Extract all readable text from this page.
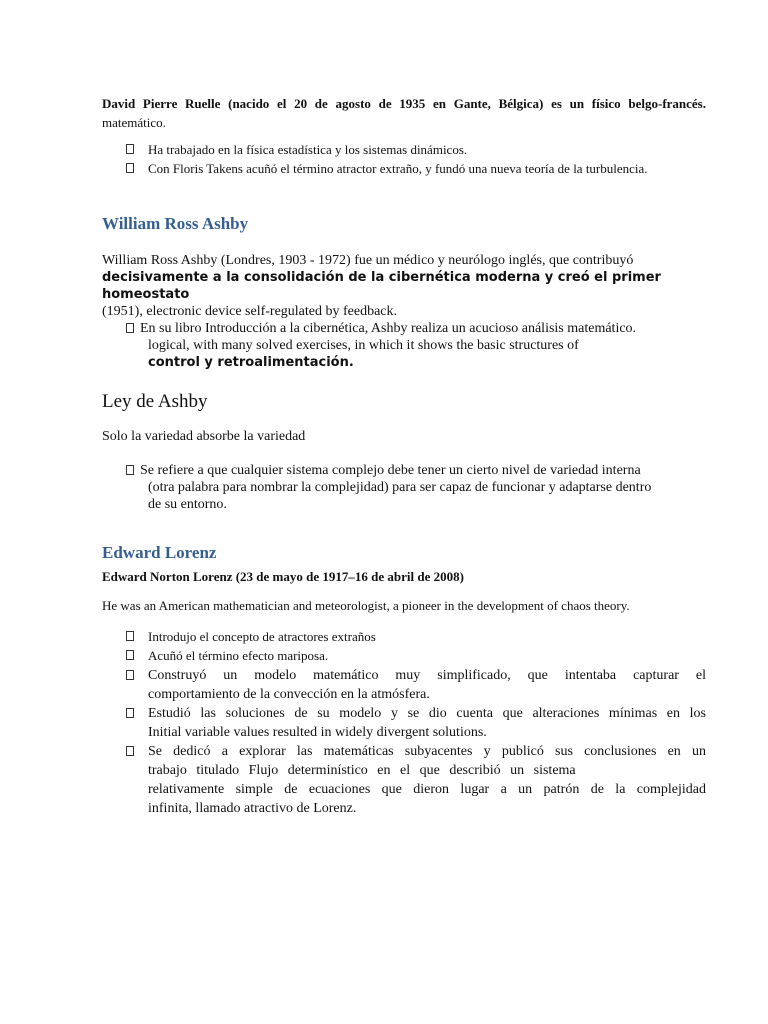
David Pierre Ruelle (nacido el 20 de agosto de 1935 en Gante, Bélgica) es un físico belgo-francés.

matemático.

Ha trabajado en la física estadística y los sistemas dinámicos.
Con Floris Takens acuñó el término atractor extraño, y fundó una nueva teoría de la turbulencia.

William Ross Ashby

William Ross Ashby (Londres, 1903 - 1972) fue un médico y neurólogo inglés, que contribuyó

decisivamente a la consolidación de la cibernética moderna y creó el primer homeostato

(1951), electronic device self-regulated by feedback.

En su libro Introducción a la cibernética, Ashby realiza un acucioso análisis matemático.

logical, with many solved exercises, in which it shows the basic structures of

control y retroalimentación.

Ley de Ashby

Solo la variedad absorbe la variedad

Se refiere a que cualquier sistema complejo debe tener un cierto nivel de variedad interna

(otra palabra para nombrar la complejidad) para ser capaz de funcionar y adaptarse dentro

de su entorno.

Edward Lorenz

Edward Norton Lorenz (23 de mayo de 1917–16 de abril de 2008)

He was an American mathematician and meteorologist, a pioneer in the development of chaos theory.

Introdujo el concepto de atractores extraños
Acuñó el término efecto mariposa.

Construyó un modelo matemático muy simplificado, que intentaba capturar el

comportamiento de la convección en la atmósfera.

Estudió las soluciones de su modelo y se dio cuenta que alteraciones mínimas en los

Initial variable values resulted in widely divergent solutions.

Se dedicó a explorar las matemáticas subyacentes y publicó sus conclusiones en un

trabajo titulado Flujo determinístico en el que describió un sistema

relativamente simple de ecuaciones que dieron lugar a un patrón de la complejidad

infinita, llamado atractivo de Lorenz.
